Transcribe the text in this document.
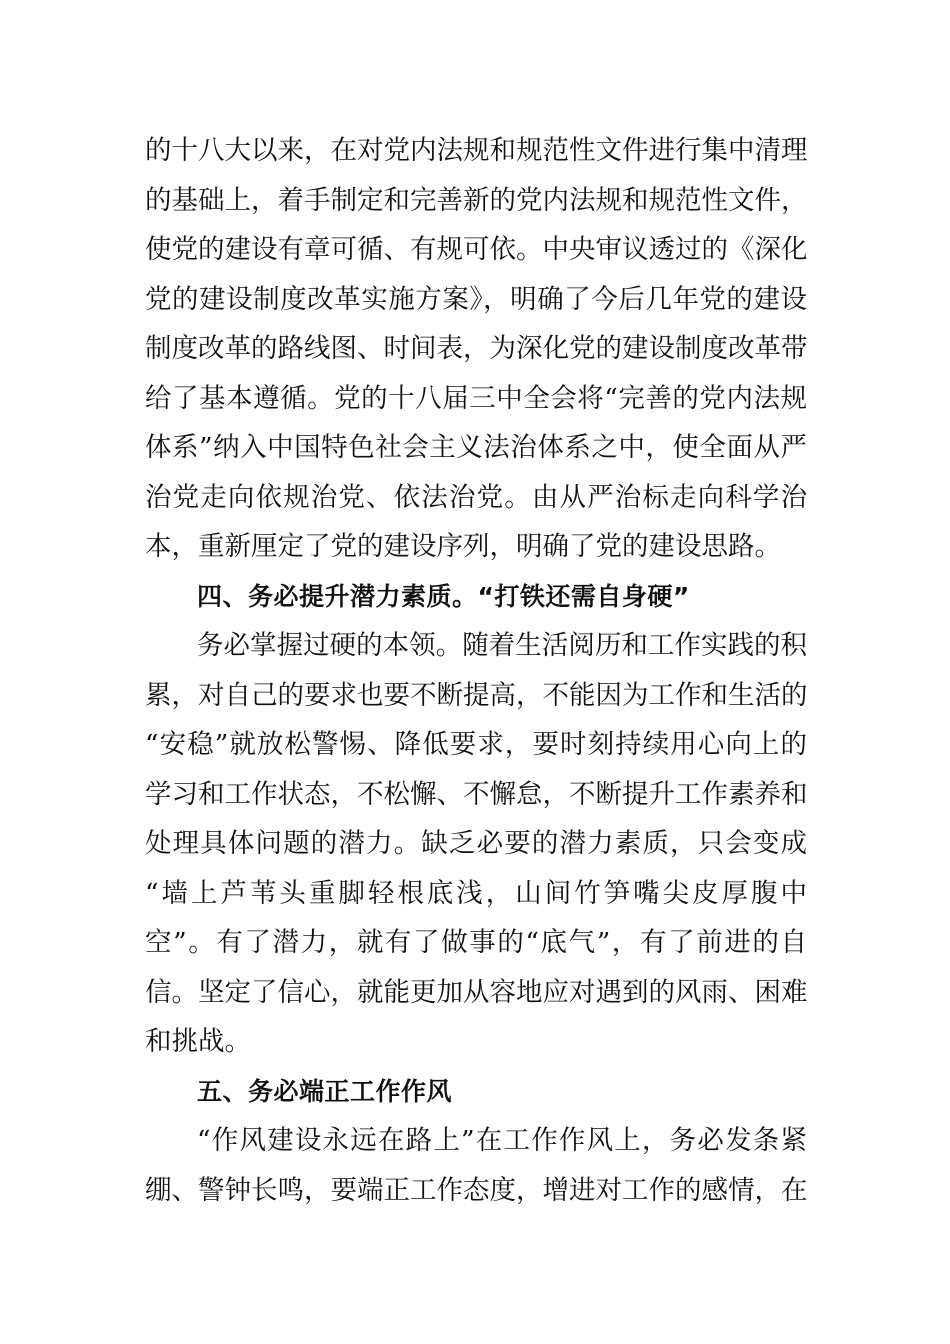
的十八大以来，在对党内法规和规范性文件进行集中清理
的基础上，着手制定和完善新的党内法规和规范性文件，
使党的建设有章可循、有规可依。中央审议透过的《深化
党的建设制度改革实施方案》，明确了今后几年党的建设
制度改革的路线图、时间表，为深化党的建设制度改革带
给了基本遵循。党的十八届三中全会将“完善的党内法规
体系”纳入中国特色社会主义法治体系之中，使全面从严
治党走向依规治党、依法治党。由从严治标走向科学治
本，重新厘定了党的建设序列，明确了党的建设思路。
四、务必提升潜力素质。“打铁还需自身硬”
务必掌握过硬的本领。随着生活阅历和工作实践的积
累，对自己的要求也要不断提高，不能因为工作和生活的
“安稳”就放松警惕、降低要求，要时刻持续用心向上的
学习和工作状态，不松懈、不懈怠，不断提升工作素养和
处理具体问题的潜力。缺乏必要的潜力素质，只会变成
“墙上芦苇头重脚轻根底浅，山间竹笋嘴尖皮厚腹中
空”。有了潜力，就有了做事的“底气”，有了前进的自
信。坚定了信心，就能更加从容地应对遇到的风雨、困难
和挑战。
五、务必端正工作作风
“作风建设永远在路上”在工作作风上，务必发条紧
绷、警钟长鸣，要端正工作态度，增进对工作的感情，在
